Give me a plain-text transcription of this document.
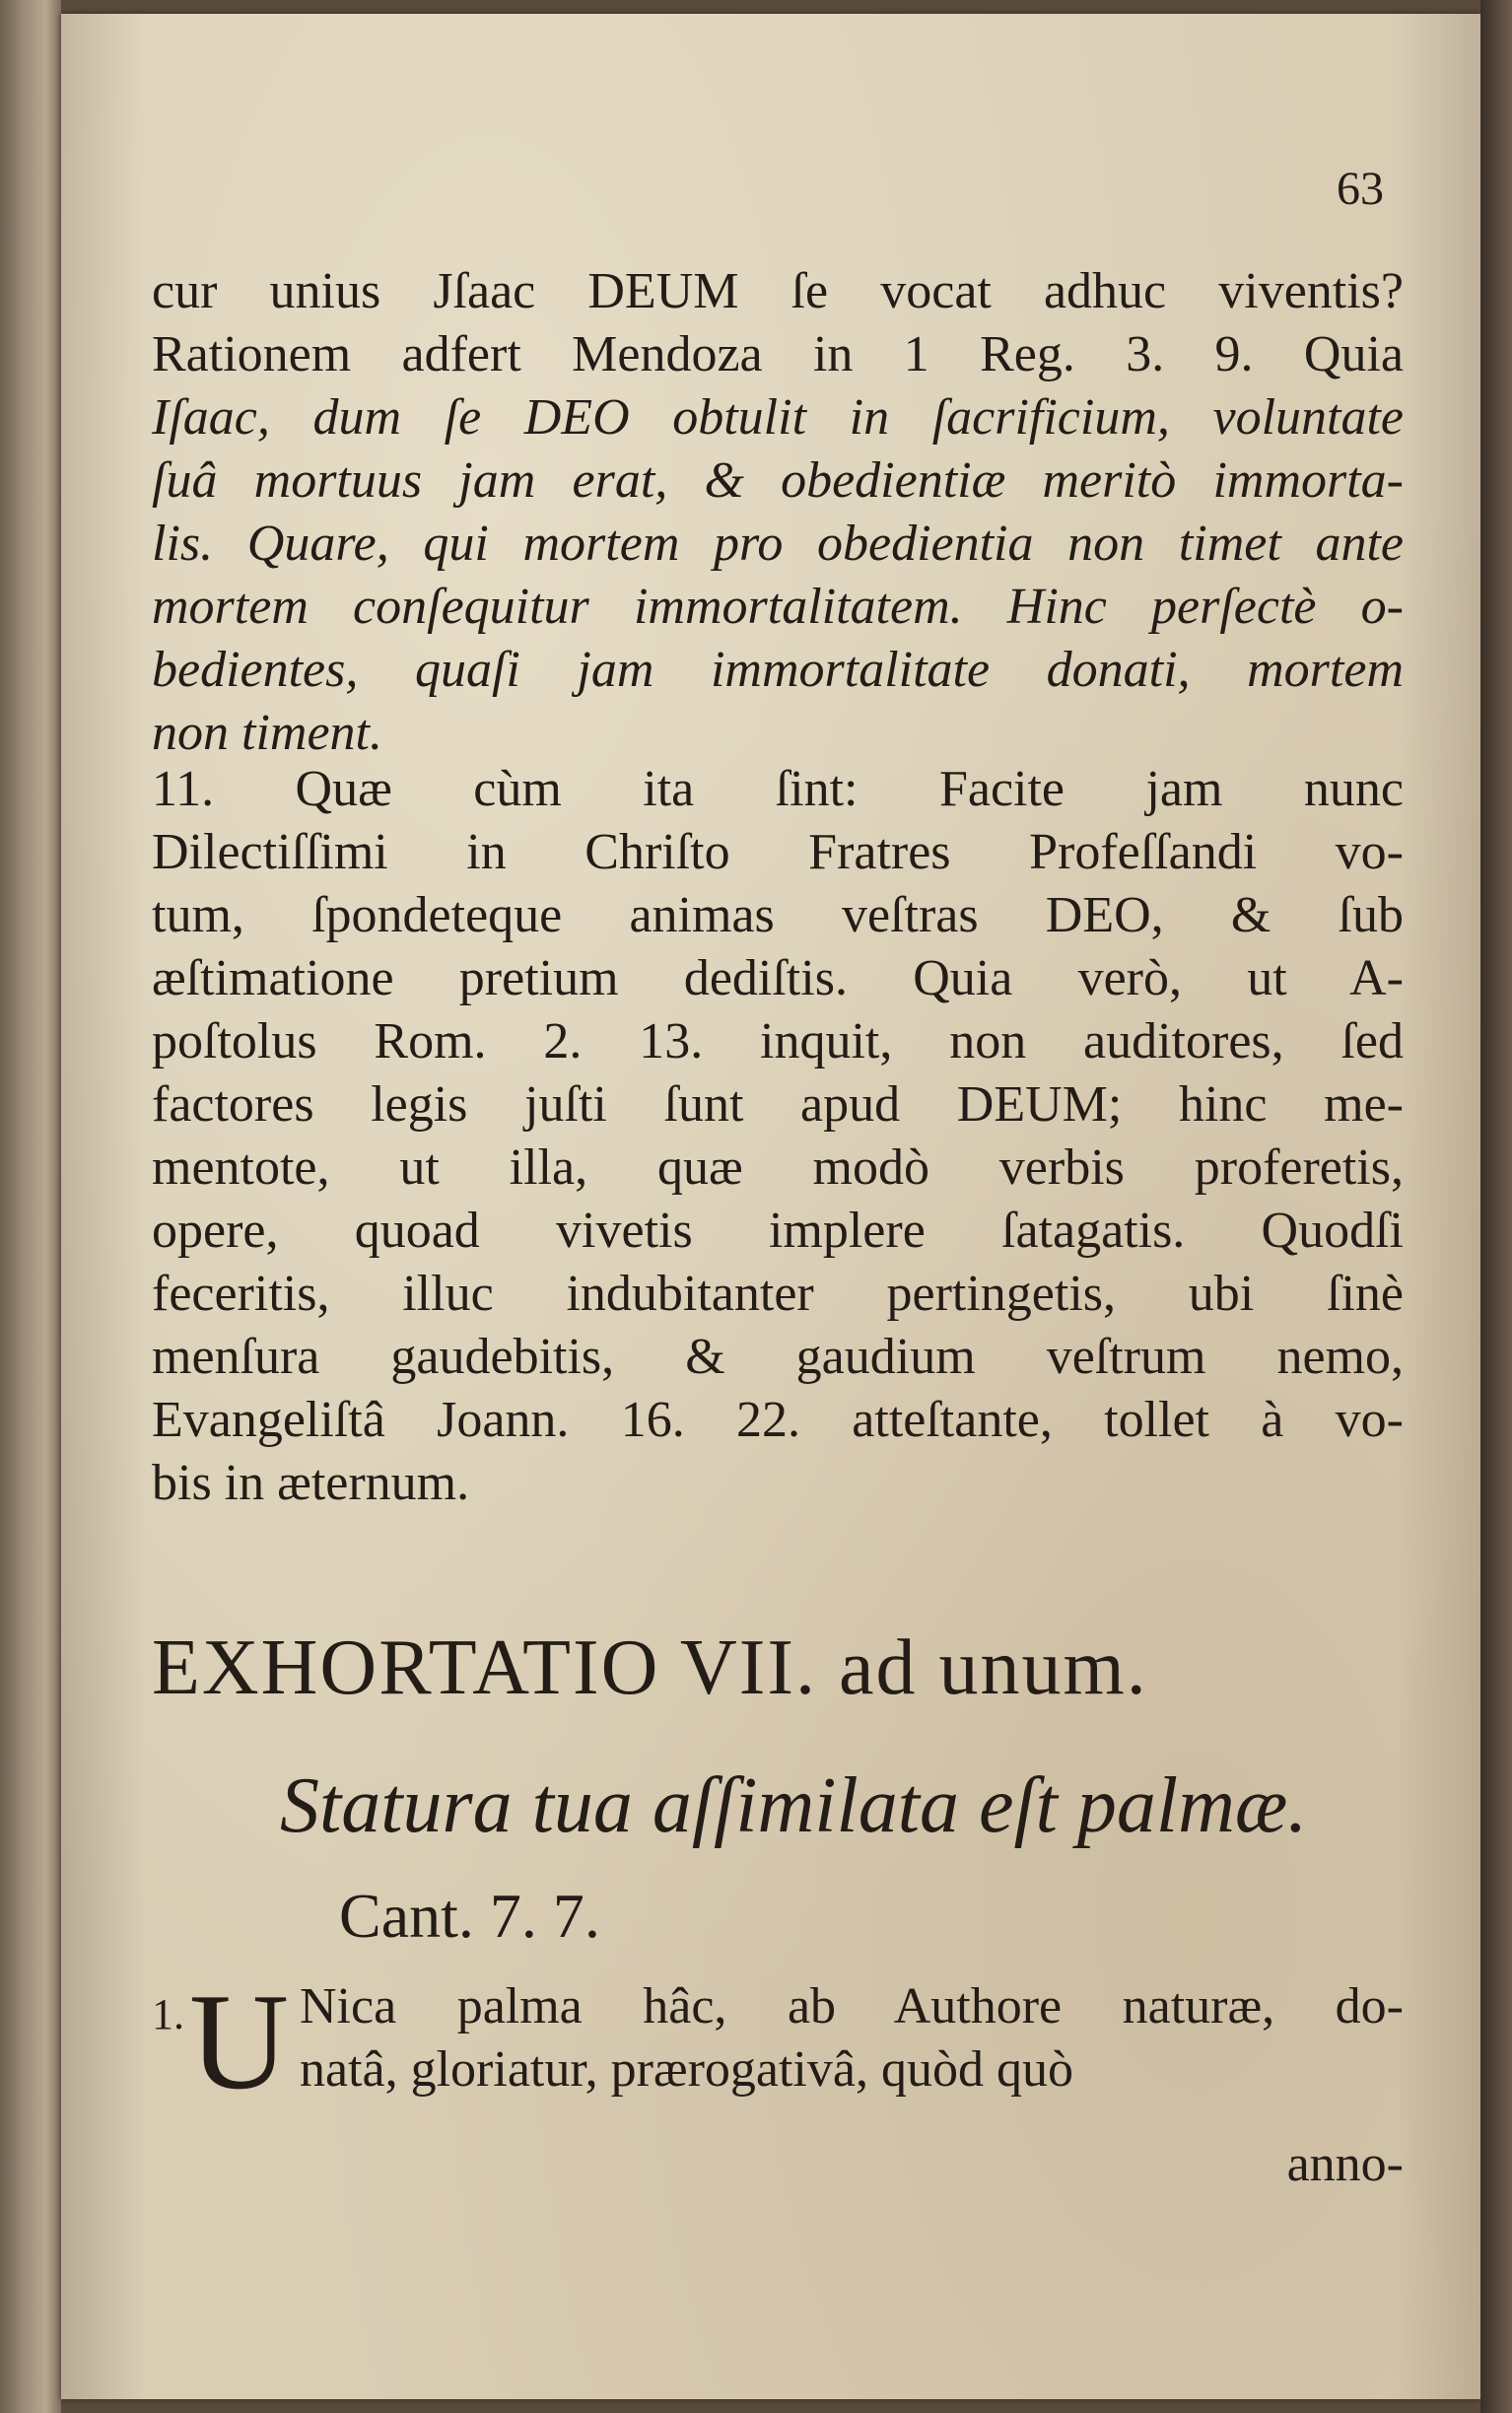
63
cur unius Jſaac DEUM ſe vocat adhuc viventis?
Rationem adfert Mendoza in 1 Reg. 3. 9. Quia
Iſaac, dum ſe DEO obtulit in ſacrificium, voluntate
ſuâ mortuus jam erat, & obedientiæ meritò immorta-
lis. Quare, qui mortem pro obedientia non timet ante
mortem conſequitur immortalitatem. Hinc perſectè o-
bedientes, quaſi jam immortalitate donati, mortem
non timent.
11. Quæ cùm ita ſint: Facite jam nunc
Dilectiſſimi in Chriſto Fratres Profeſſandi vo-
tum, ſpondeteque animas veſtras DEO, & ſub
æſtimatione pretium dediſtis. Quia verò, ut A-
poſtolus Rom. 2. 13. inquit, non auditores, ſed
factores legis juſti ſunt apud DEUM; hinc me-
mentote, ut illa, quæ modò verbis proferetis,
opere, quoad vivetis implere ſatagatis. Quodſi
feceritis, illuc indubitanter pertingetis, ubi ſinè
menſura gaudebitis, & gaudium veſtrum nemo,
Evangeliſtâ Joann. 16. 22. atteſtante, tollet à vo-
bis in æternum.
EXHORTATIO VII. ad unum.
Statura tua aſſimilata eſt palmæ.
Cant. 7. 7.
1. U Nica palma hâc, ab Authore naturæ, do-
natâ, gloriatur, prærogativâ, quòd quò
anno-
